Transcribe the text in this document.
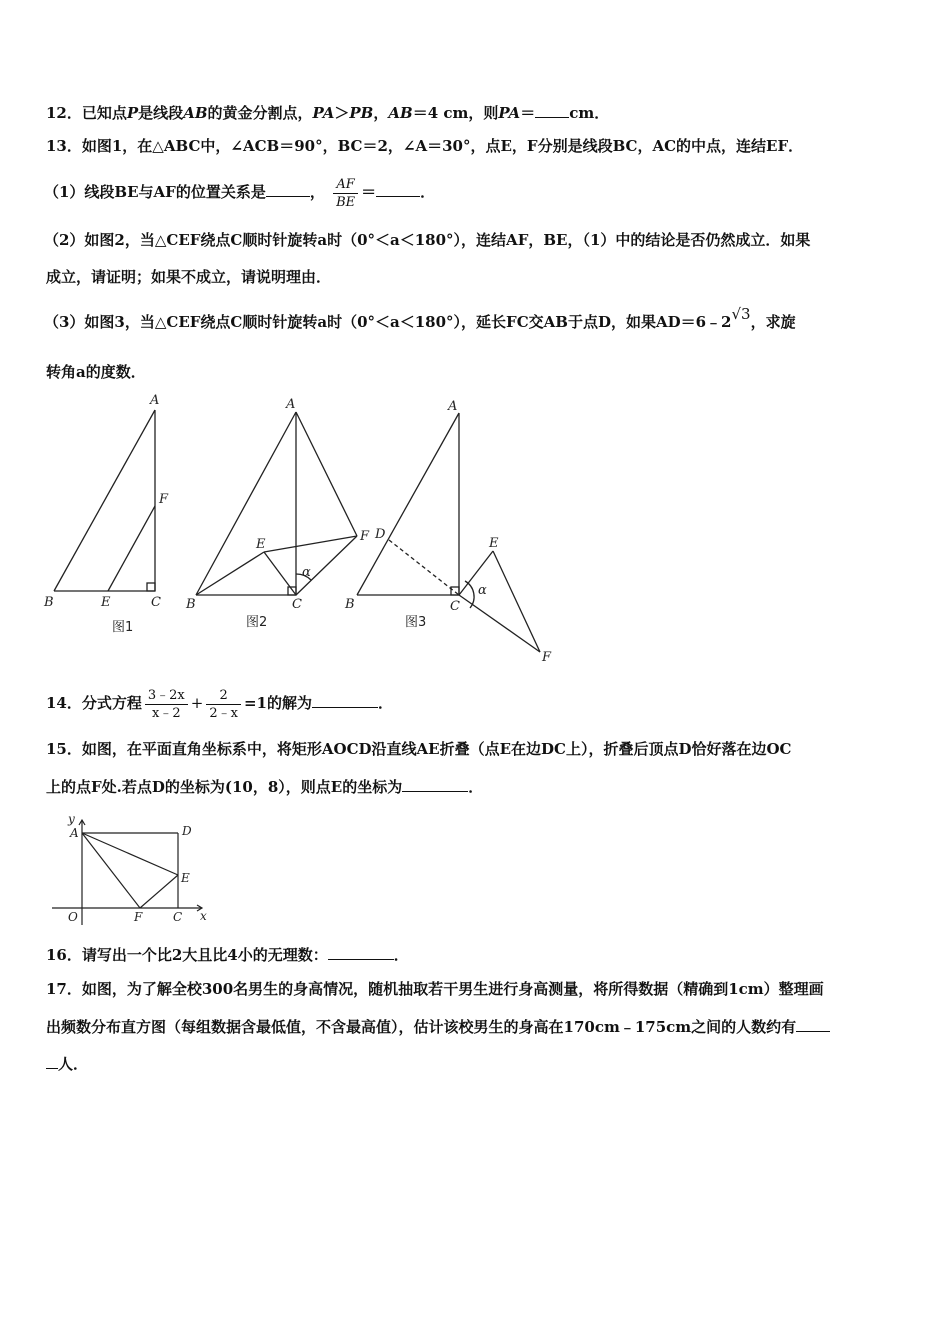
12．已知点P是线段AB的黄金分割点，PA＞PB，AB＝4 cm，则PA＝ cm．
13．如图1，在△ABC中，∠ACB＝90°，BC＝2，∠A＝30°，点E，F分别是线段BC，AC的中点，连结EF．
（1）线段BE与AF的位置关系是	， $\frac{AF}{BE}$ ＝	．
（2）如图2，当△CEF绕点C顺时针旋转a时（0°＜a＜180°），连结AF，BE，（1）中的结论是否仍然成立．如果
成立，请证明；如果不成立，请说明理由．
（3）如图3，当△CEF绕点C顺时针旋转a时（0°＜a＜180°），延长FC交AB于点D，如果AD＝6﹣2√3，求旋
转角a的度数．
A
B	C
E
F
图1
A
B	C
E
F
α
图2
A
B	C
D
E
F
α
图3
14．分式方程 $\frac{3﹣2x}{x﹣2} + \frac{2}{2﹣x} =1$的解为	．
15．如图，在平面直角坐标系中，将矩形AOCD沿直线AE折叠（点E在边DC上），折叠后顶点D恰好落在边OC
上的点F处.若点D的坐标为(10，8），则点E的坐标为	．
y
x
A	D
E
O	F	C
16．请写出一个比2大且比4小的无理数：	．
17．如图，为了解全校300名男生的身高情况，随机抽取若干男生进行身高测量，将所得数据（精确到1cm）整理画
出频数分布直方图（每组数据含最低值，不含最高值），估计该校男生的身高在170cm﹣175cm之间的人数约有
人．
